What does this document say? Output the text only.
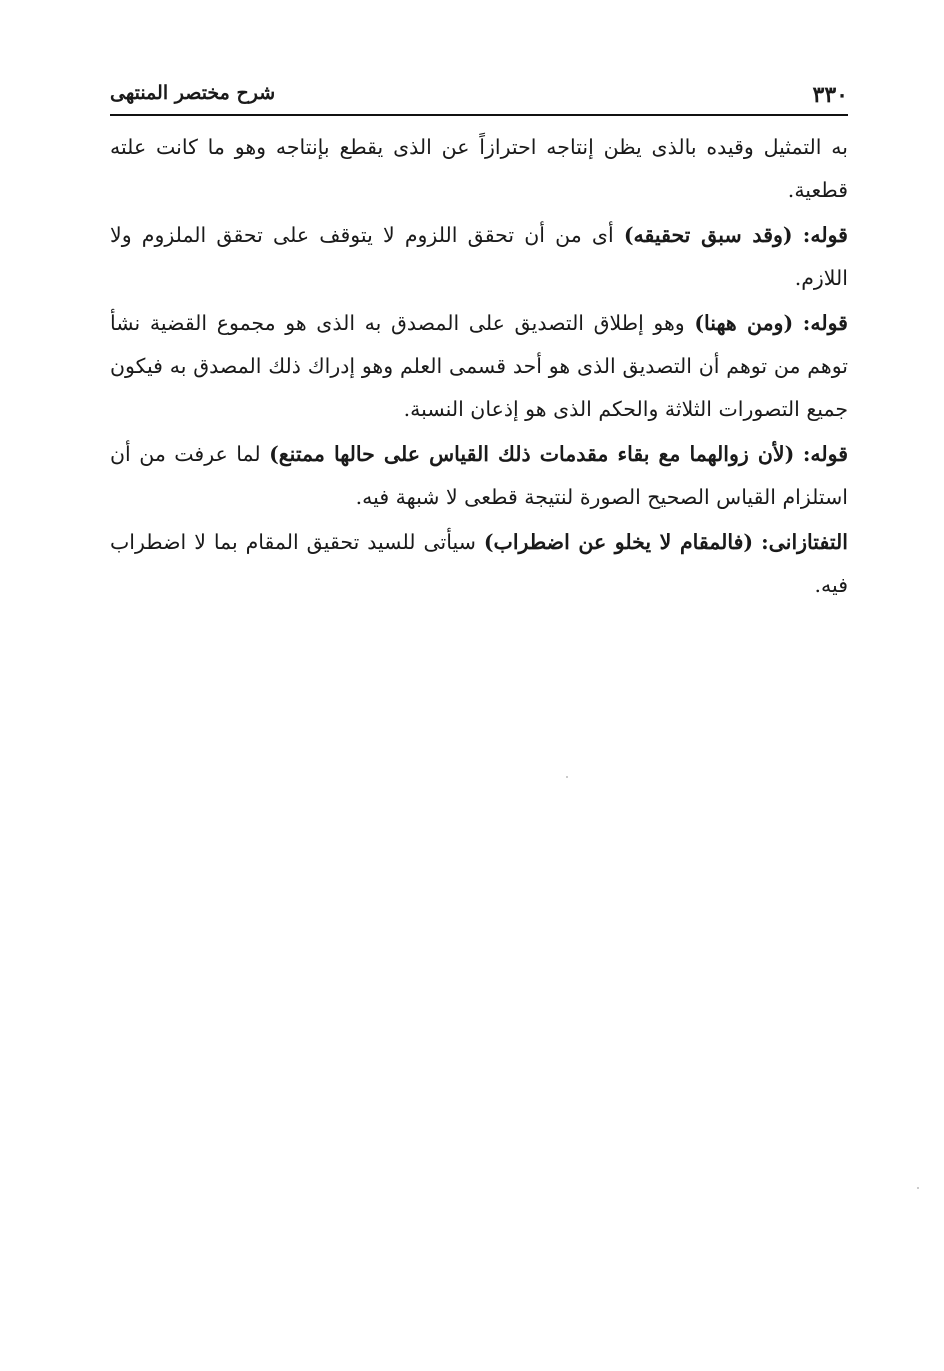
٣٣٠
شرح مختصر المنتهى

به التمثيل وقيده بالذى يظن إنتاجه احترازاً عن الذى يقطع بإنتاجه وهو ما كانت علته قطعية.

قوله: (وقد سبق تحقيقه) أى من أن تحقق اللزوم لا يتوقف على تحقق الملزوم ولا اللازم.

قوله: (ومن ههنا) وهو إطلاق التصديق على المصدق به الذى هو مجموع القضية نشأ توهم من توهم أن التصديق الذى هو أحد قسمى العلم وهو إدراك ذلك المصدق به فيكون جميع التصورات الثلاثة والحكم الذى هو إذعان النسبة.

قوله: (لأن زوالهما مع بقاء مقدمات ذلك القياس على حالها ممتنع) لما عرفت من أن استلزام القياس الصحيح الصورة لنتيجة قطعى لا شبهة فيه.

التفتازانى: (فالمقام لا يخلو عن اضطراب) سيأتى للسيد تحقيق المقام بما لا اضطراب فيه.
